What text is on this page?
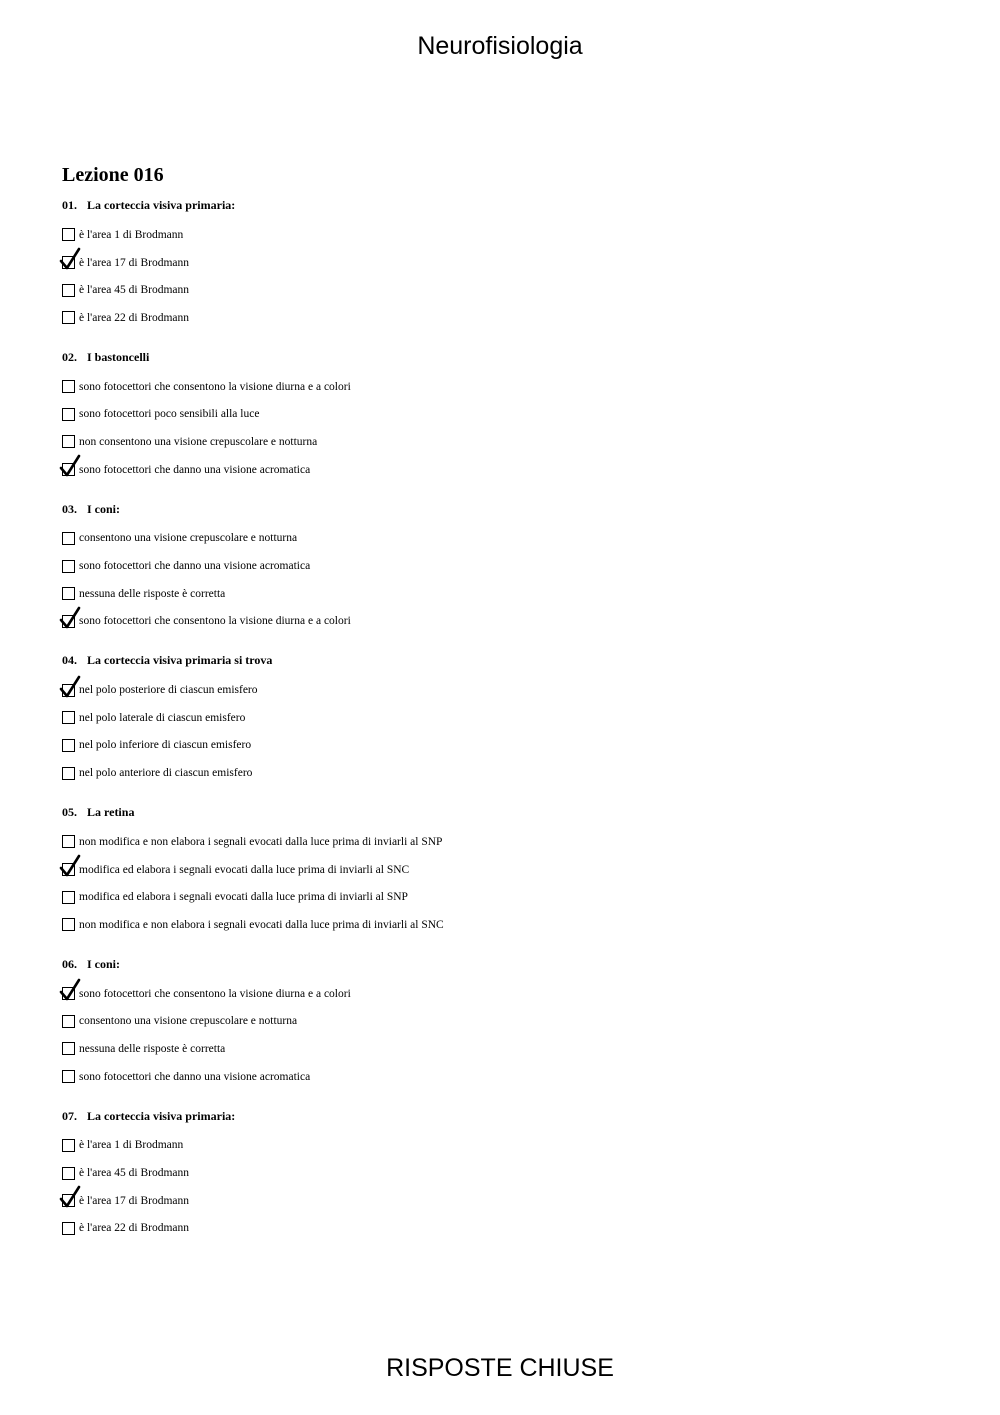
Neurofisiologia
Lezione 016
01. La corteccia visiva primaria:
è l'area 1 di Brodmann
è l'area 17 di Brodmann
è l'area 45 di Brodmann
è l'area 22 di Brodmann
02. I bastoncelli
sono fotocettori che consentono la visione diurna e a colori
sono fotocettori poco sensibili alla luce
non consentono una visione crepuscolare e notturna
sono fotocettori che danno una visione acromatica
03. I coni:
consentono una visione crepuscolare e notturna
sono fotocettori che danno una visione acromatica
nessuna delle risposte è corretta
sono fotocettori che consentono la visione diurna e a colori
04. La corteccia visiva primaria si trova
nel polo posteriore di ciascun emisfero
nel polo laterale di ciascun emisfero
nel polo inferiore di ciascun emisfero
nel polo anteriore di ciascun emisfero
05. La retina
non modifica e non elabora i segnali evocati dalla luce prima di inviarli al SNP
modifica ed elabora i segnali evocati dalla luce prima di inviarli al SNC
modifica ed elabora i segnali evocati dalla luce prima di inviarli al SNP
non modifica e non elabora i segnali evocati dalla luce prima di inviarli al SNC
06. I coni:
sono fotocettori che consentono la visione diurna e a colori
consentono una visione crepuscolare e notturna
nessuna delle risposte è corretta
sono fotocettori che danno una visione acromatica
07. La corteccia visiva primaria:
è l'area 1 di Brodmann
è l'area 45 di Brodmann
è l'area 17 di Brodmann
è l'area 22 di Brodmann
RISPOSTE CHIUSE
